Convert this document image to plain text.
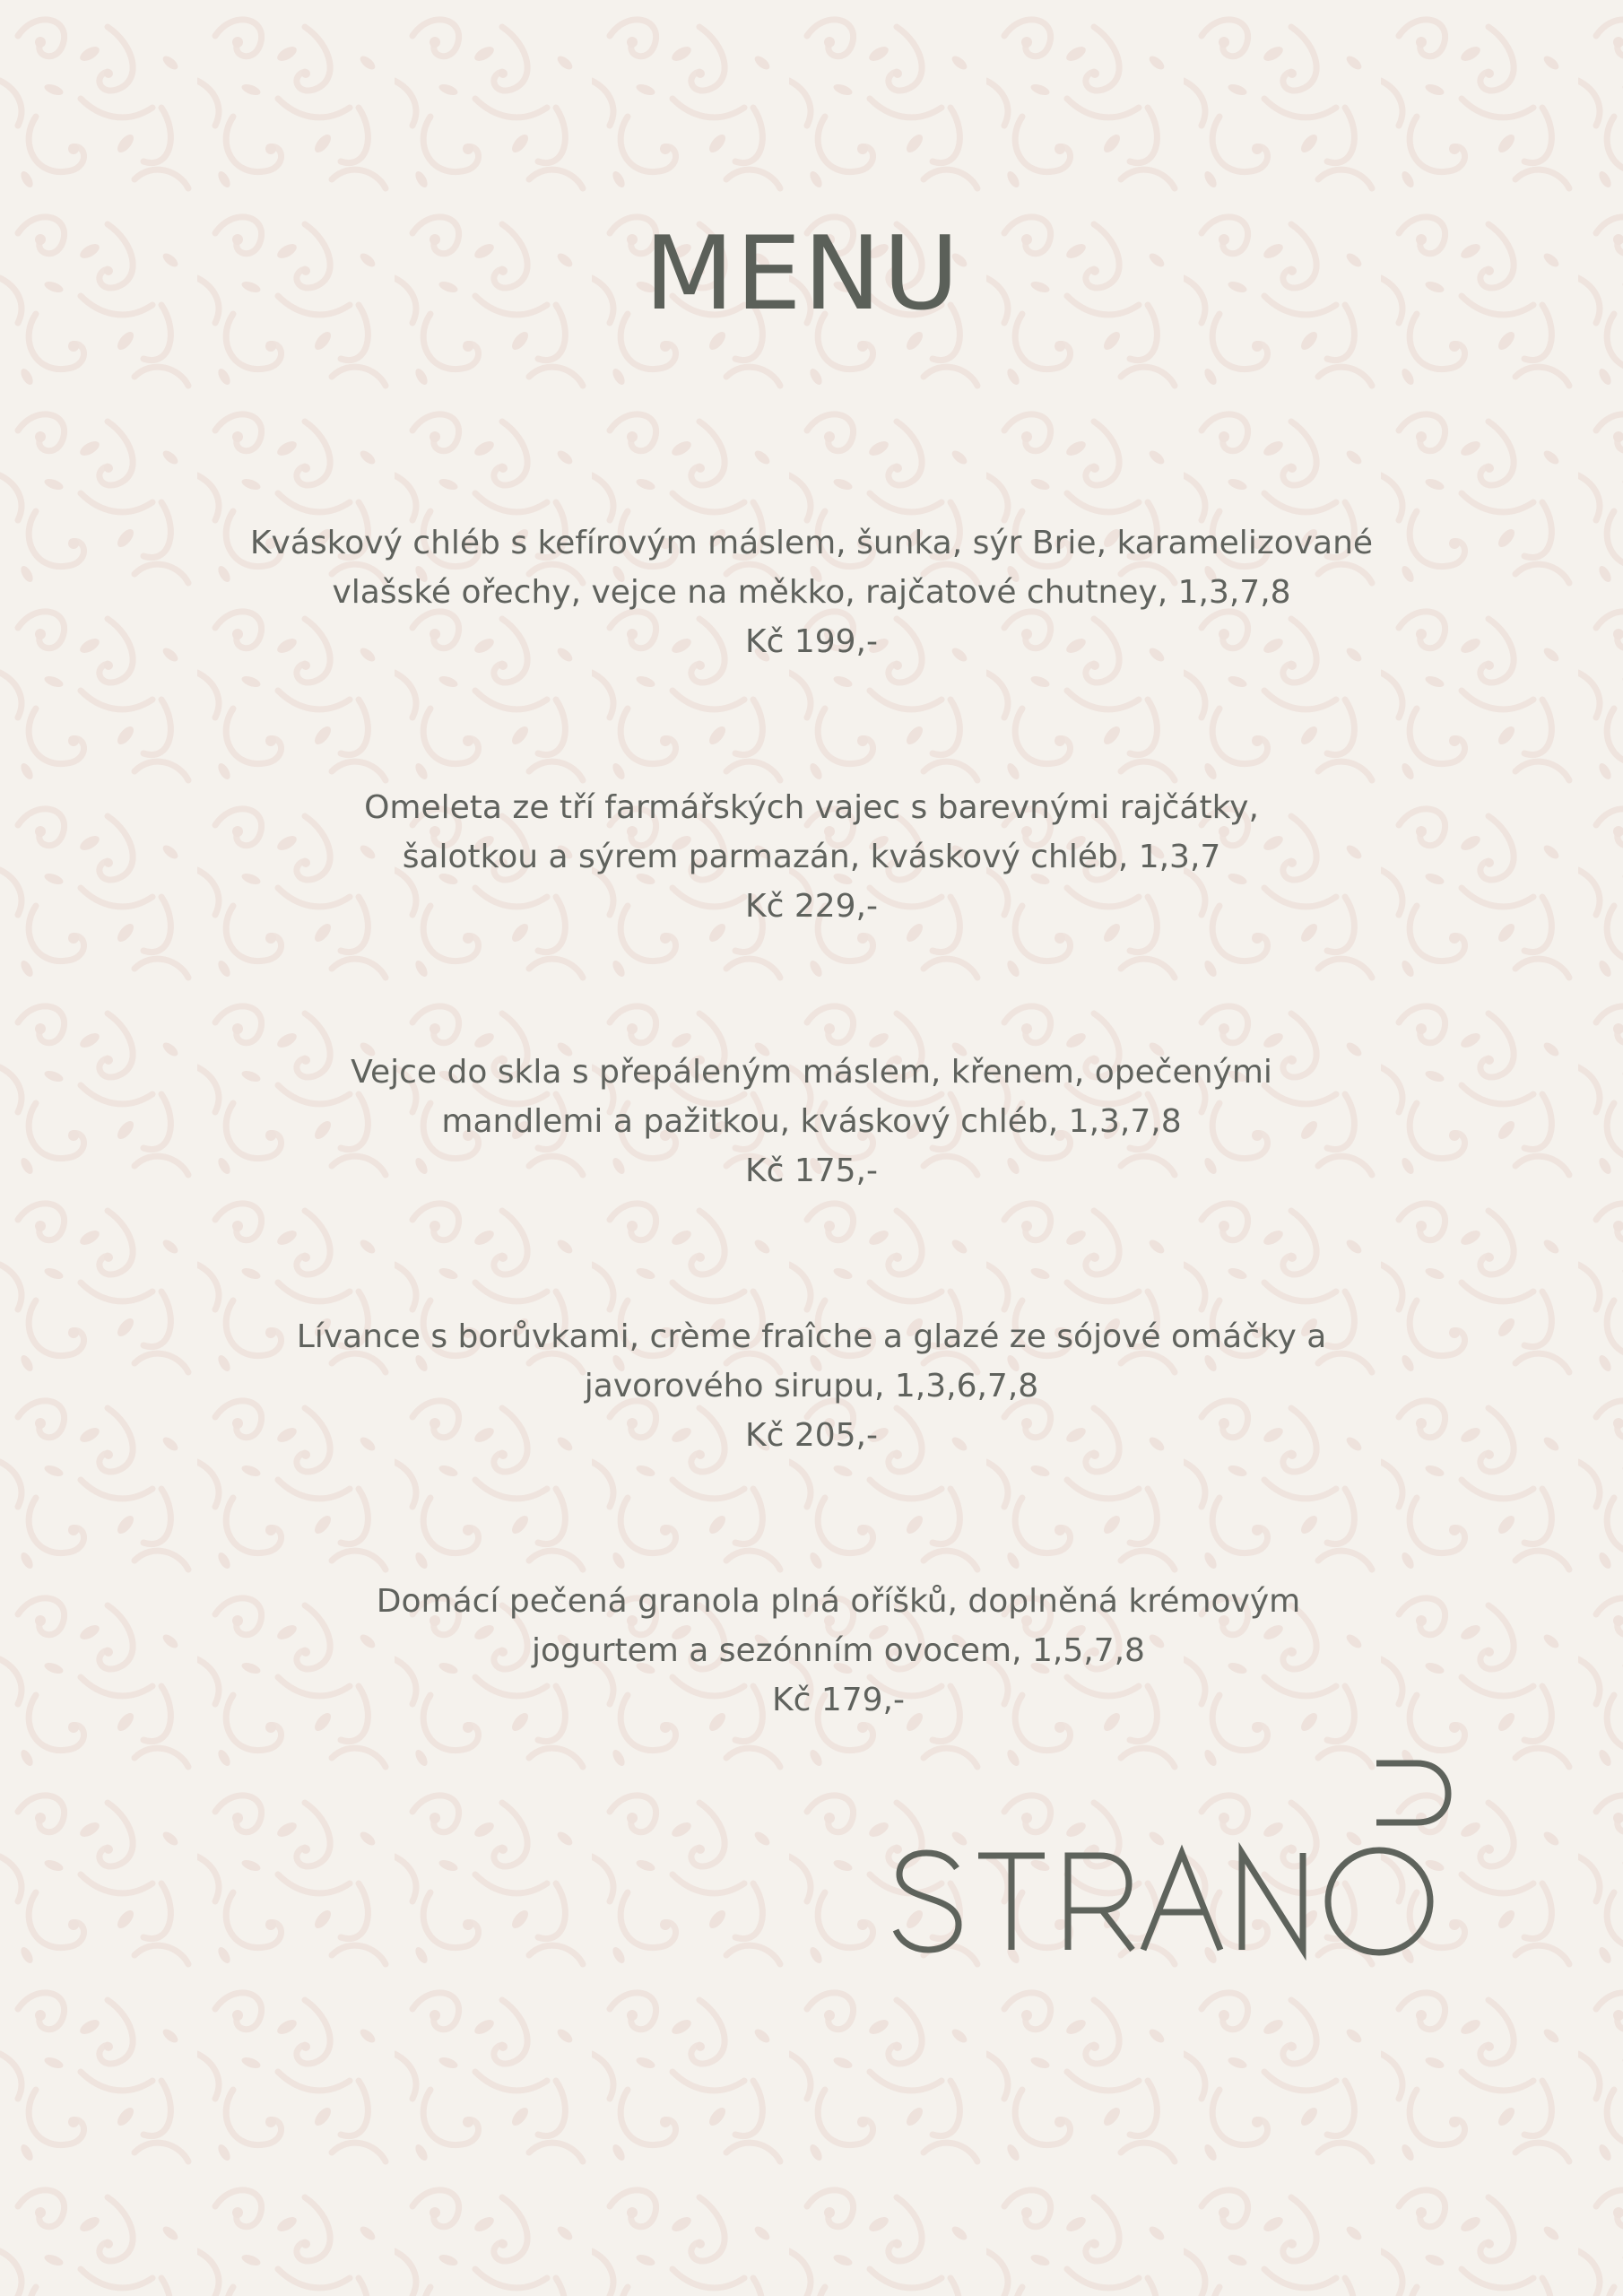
MENU
Kváskový chléb s kefírovým máslem, šunka, sýr Brie, karamelizované
vlašské ořechy, vejce na měkko, rajčatové chutney, 1,3,7,8
Kč 199,-
Omeleta ze tří farmářských vajec s barevnými rajčátky,
šalotkou a sýrem parmazán, kváskový chléb, 1,3,7
Kč 229,-
Vejce do skla s přepáleným máslem, křenem, opečenými
mandlemi a pažitkou, kváskový chléb, 1,3,7,8
Kč 175,-
Lívance s borůvkami, crème fraîche a glazé ze sójové omáčky a
javorového sirupu, 1,3,6,7,8
Kč 205,-
Domácí pečená granola plná oříšků, doplněná krémovým
jogurtem a sezónním ovocem, 1,5,7,8
Kč 179,-
